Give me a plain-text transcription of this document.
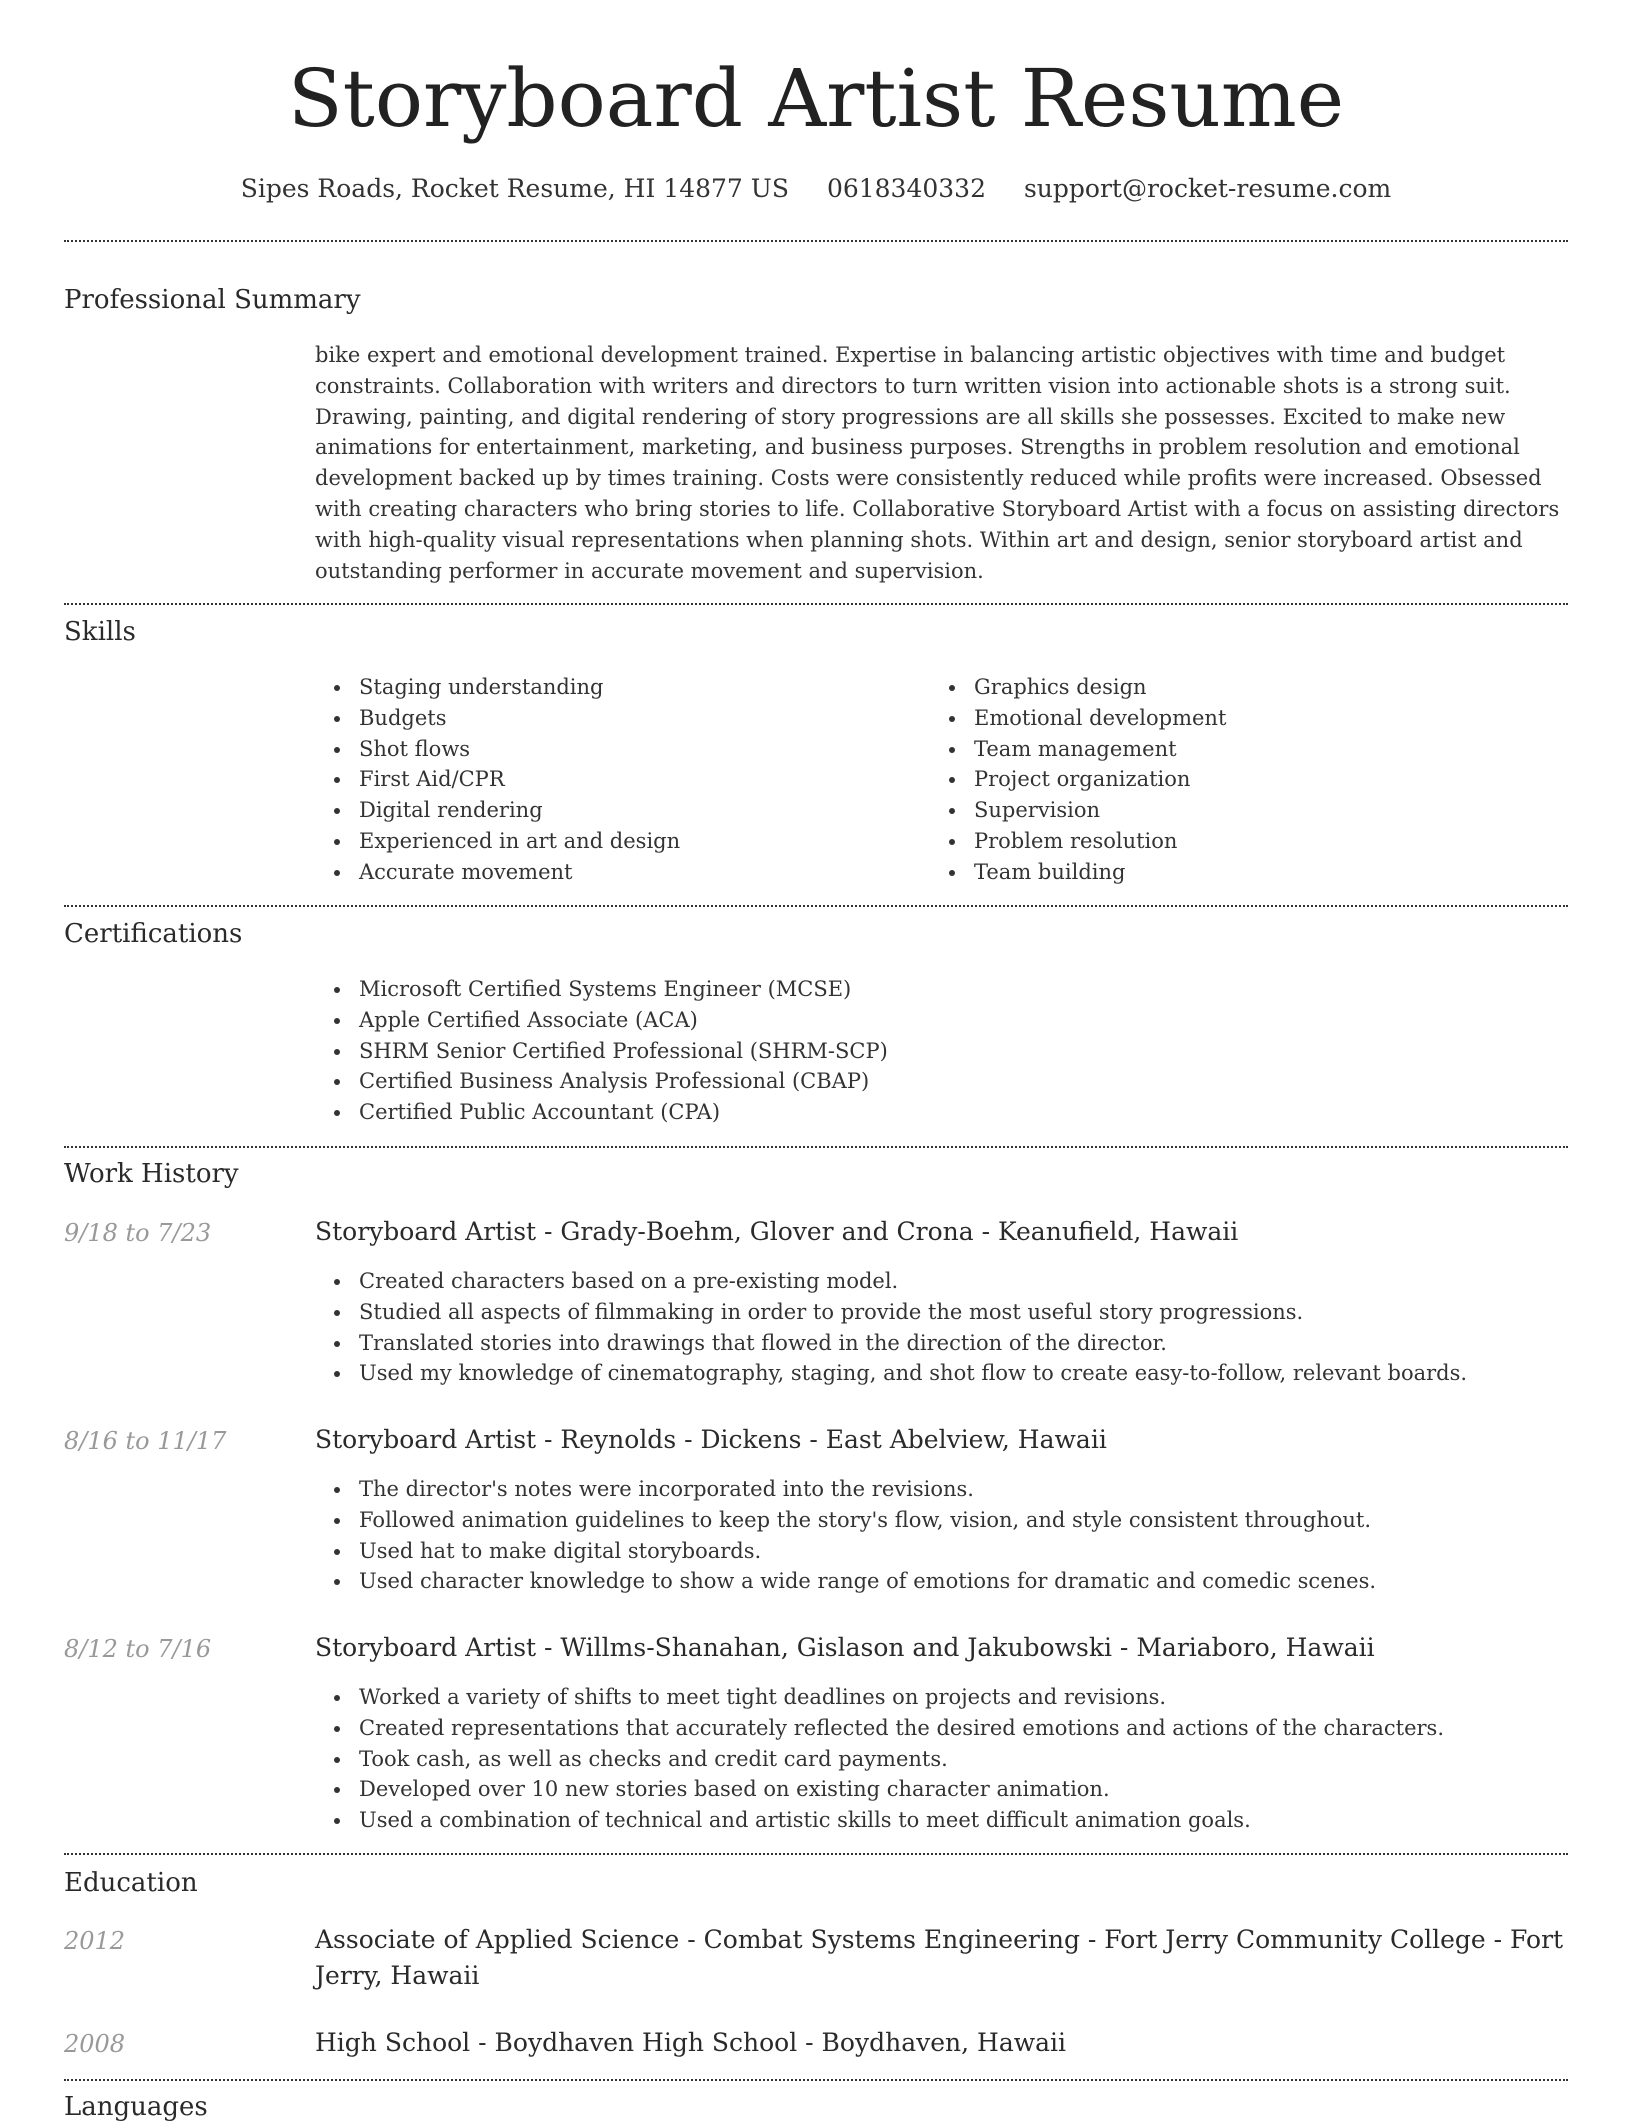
Storyboard Artist Resume
Sipes Roads, Rocket Resume, HI 14877 US 0618340332 support@rocket-resume.com
Professional Summary

bike expert and emotional development trained. Expertise in balancing artistic objectives with time and budget constraints. Collaboration with writers and directors to turn written vision into actionable shots is a strong suit. Drawing, painting, and digital rendering of story progressions are all skills she possesses. Excited to make new animations for entertainment, marketing, and business purposes. Strengths in problem resolution and emotional development backed up by times training. Costs were consistently reduced while profits were increased. Obsessed with creating characters who bring stories to life. Collaborative Storyboard Artist with a focus on assisting directors with high-quality visual representations when planning shots. Within art and design, senior storyboard artist and outstanding performer in accurate movement and supervision.

Skills
Staging understanding
Budgets
Shot flows
First Aid/CPR
Digital rendering
Experienced in art and design
Accurate movement
Graphics design
Emotional development
Team management
Project organization
Supervision
Problem resolution
Team building
Certifications
Microsoft Certified Systems Engineer (MCSE)
Apple Certified Associate (ACA)
SHRM Senior Certified Professional (SHRM-SCP)
Certified Business Analysis Professional (CBAP)
Certified Public Accountant (CPA)
Work History
9/18 to 7/23	Storyboard Artist - Grady-Boehm, Glover and Crona - Keanufield, Hawaii
Created characters based on a pre-existing model.
Studied all aspects of filmmaking in order to provide the most useful story progressions.
Translated stories into drawings that flowed in the direction of the director.
Used my knowledge of cinematography, staging, and shot flow to create easy-to-follow, relevant boards.
8/16 to 11/17	Storyboard Artist - Reynolds - Dickens - East Abelview, Hawaii
The director's notes were incorporated into the revisions.
Followed animation guidelines to keep the story's flow, vision, and style consistent throughout.
Used hat to make digital storyboards.
Used character knowledge to show a wide range of emotions for dramatic and comedic scenes.
8/12 to 7/16	Storyboard Artist - Willms-Shanahan, Gislason and Jakubowski - Mariaboro, Hawaii
Worked a variety of shifts to meet tight deadlines on projects and revisions.
Created representations that accurately reflected the desired emotions and actions of the characters.
Took cash, as well as checks and credit card payments.
Developed over 10 new stories based on existing character animation.
Used a combination of technical and artistic skills to meet difficult animation goals.
Education
2012	Associate of Applied Science - Combat Systems Engineering - Fort Jerry Community College - Fort Jerry, Hawaii
2008	High School - Boydhaven High School - Boydhaven, Hawaii
Languages
